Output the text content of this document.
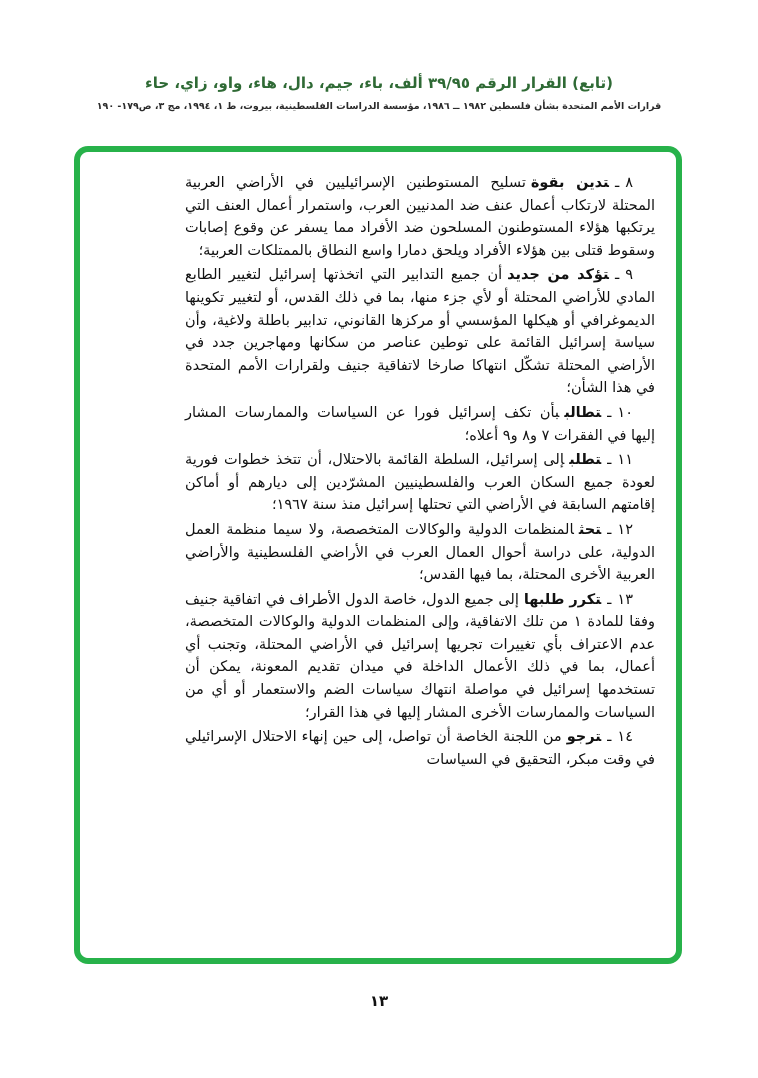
(تابع) القرار الرقم ٣٩/٩٥ ألف، باء، جيم، دال، هاء، واو، زاي، حاء
قرارات الأمم المتحدة بشأن فلسطين ١٩٨٢ ــ ١٩٨٦، مؤسسة الدراسات الفلسطينية، بيروت، ط ١، ١٩٩٤، مج ٣، ص١٧٩- ١٩٠

٨ـتدين بقوةتسليح المستوطنين الإسرائيليين في الأراضي العربية المحتلة لارتكاب أعمال عنف ضد المدنيين العرب، واستمرار أعمال العنف التي يرتكبها هؤلاء المستوطنون المسلحون ضد الأفراد مما يسفر عن وقوع إصابات وسقوط قتلى بين هؤلاء الأفراد ويلحق دمارا واسع النطاق بالممتلكات العربية؛

٩ـتؤكد من جديدأن جميع التدابير التي اتخذتها إسرائيل لتغيير الطابع المادي للأراضي المحتلة أو لأي جزء منها، بما في ذلك القدس، أو لتغيير تكوينها الديموغرافي أو هيكلها المؤسسي أو مركزها القانوني، تدابير باطلة ولاغية، وأن سياسة إسرائيل القائمة على توطين عناصر من سكانها ومهاجرين جدد في الأراضي المحتلة تشكّل انتهاكا صارخا لاتفاقية جنيف ولقرارات الأمم المتحدة في هذا الشأن؛

١٠ـتطالببأن تكف إسرائيل فورا عن السياسات والممارسات المشار إليها في الفقرات ٧ و٨ و٩ أعلاه؛

١١ـتطلبإلى إسرائيل، السلطة القائمة بالاحتلال، أن تتخذ خطوات فورية لعودة جميع السكان العرب والفلسطينيين المشرّدين إلى ديارهم أو أماكن إقامتهم السابقة في الأراضي التي تحتلها إسرائيل منذ سنة ١٩٦٧؛

١٢ـتحثالمنظمات الدولية والوكالات المتخصصة، ولا سيما منظمة العمل الدولية، على دراسة أحوال العمال العرب في الأراضي الفلسطينية والأراضي العربية الأخرى المحتلة، بما فيها القدس؛

١٣ـتكرر طلبهاإلى جميع الدول، خاصة الدول الأطراف في اتفاقية جنيف وفقا للمادة ١ من تلك الاتفاقية، وإلى المنظمات الدولية والوكالات المتخصصة، عدم الاعتراف بأي تغييرات تجريها إسرائيل في الأراضي المحتلة، وتجنب أي أعمال، بما في ذلك الأعمال الداخلة في ميدان تقديم المعونة، يمكن أن تستخدمها إسرائيل في مواصلة انتهاك سياسات الضم والاستعمار أو أي من السياسات والممارسات الأخرى المشار إليها في هذا القرار؛

١٤ـترجومن اللجنة الخاصة أن تواصل، إلى حين إنهاء الاحتلال الإسرائيلي في وقت مبكر، التحقيق في السياسات

١٣
